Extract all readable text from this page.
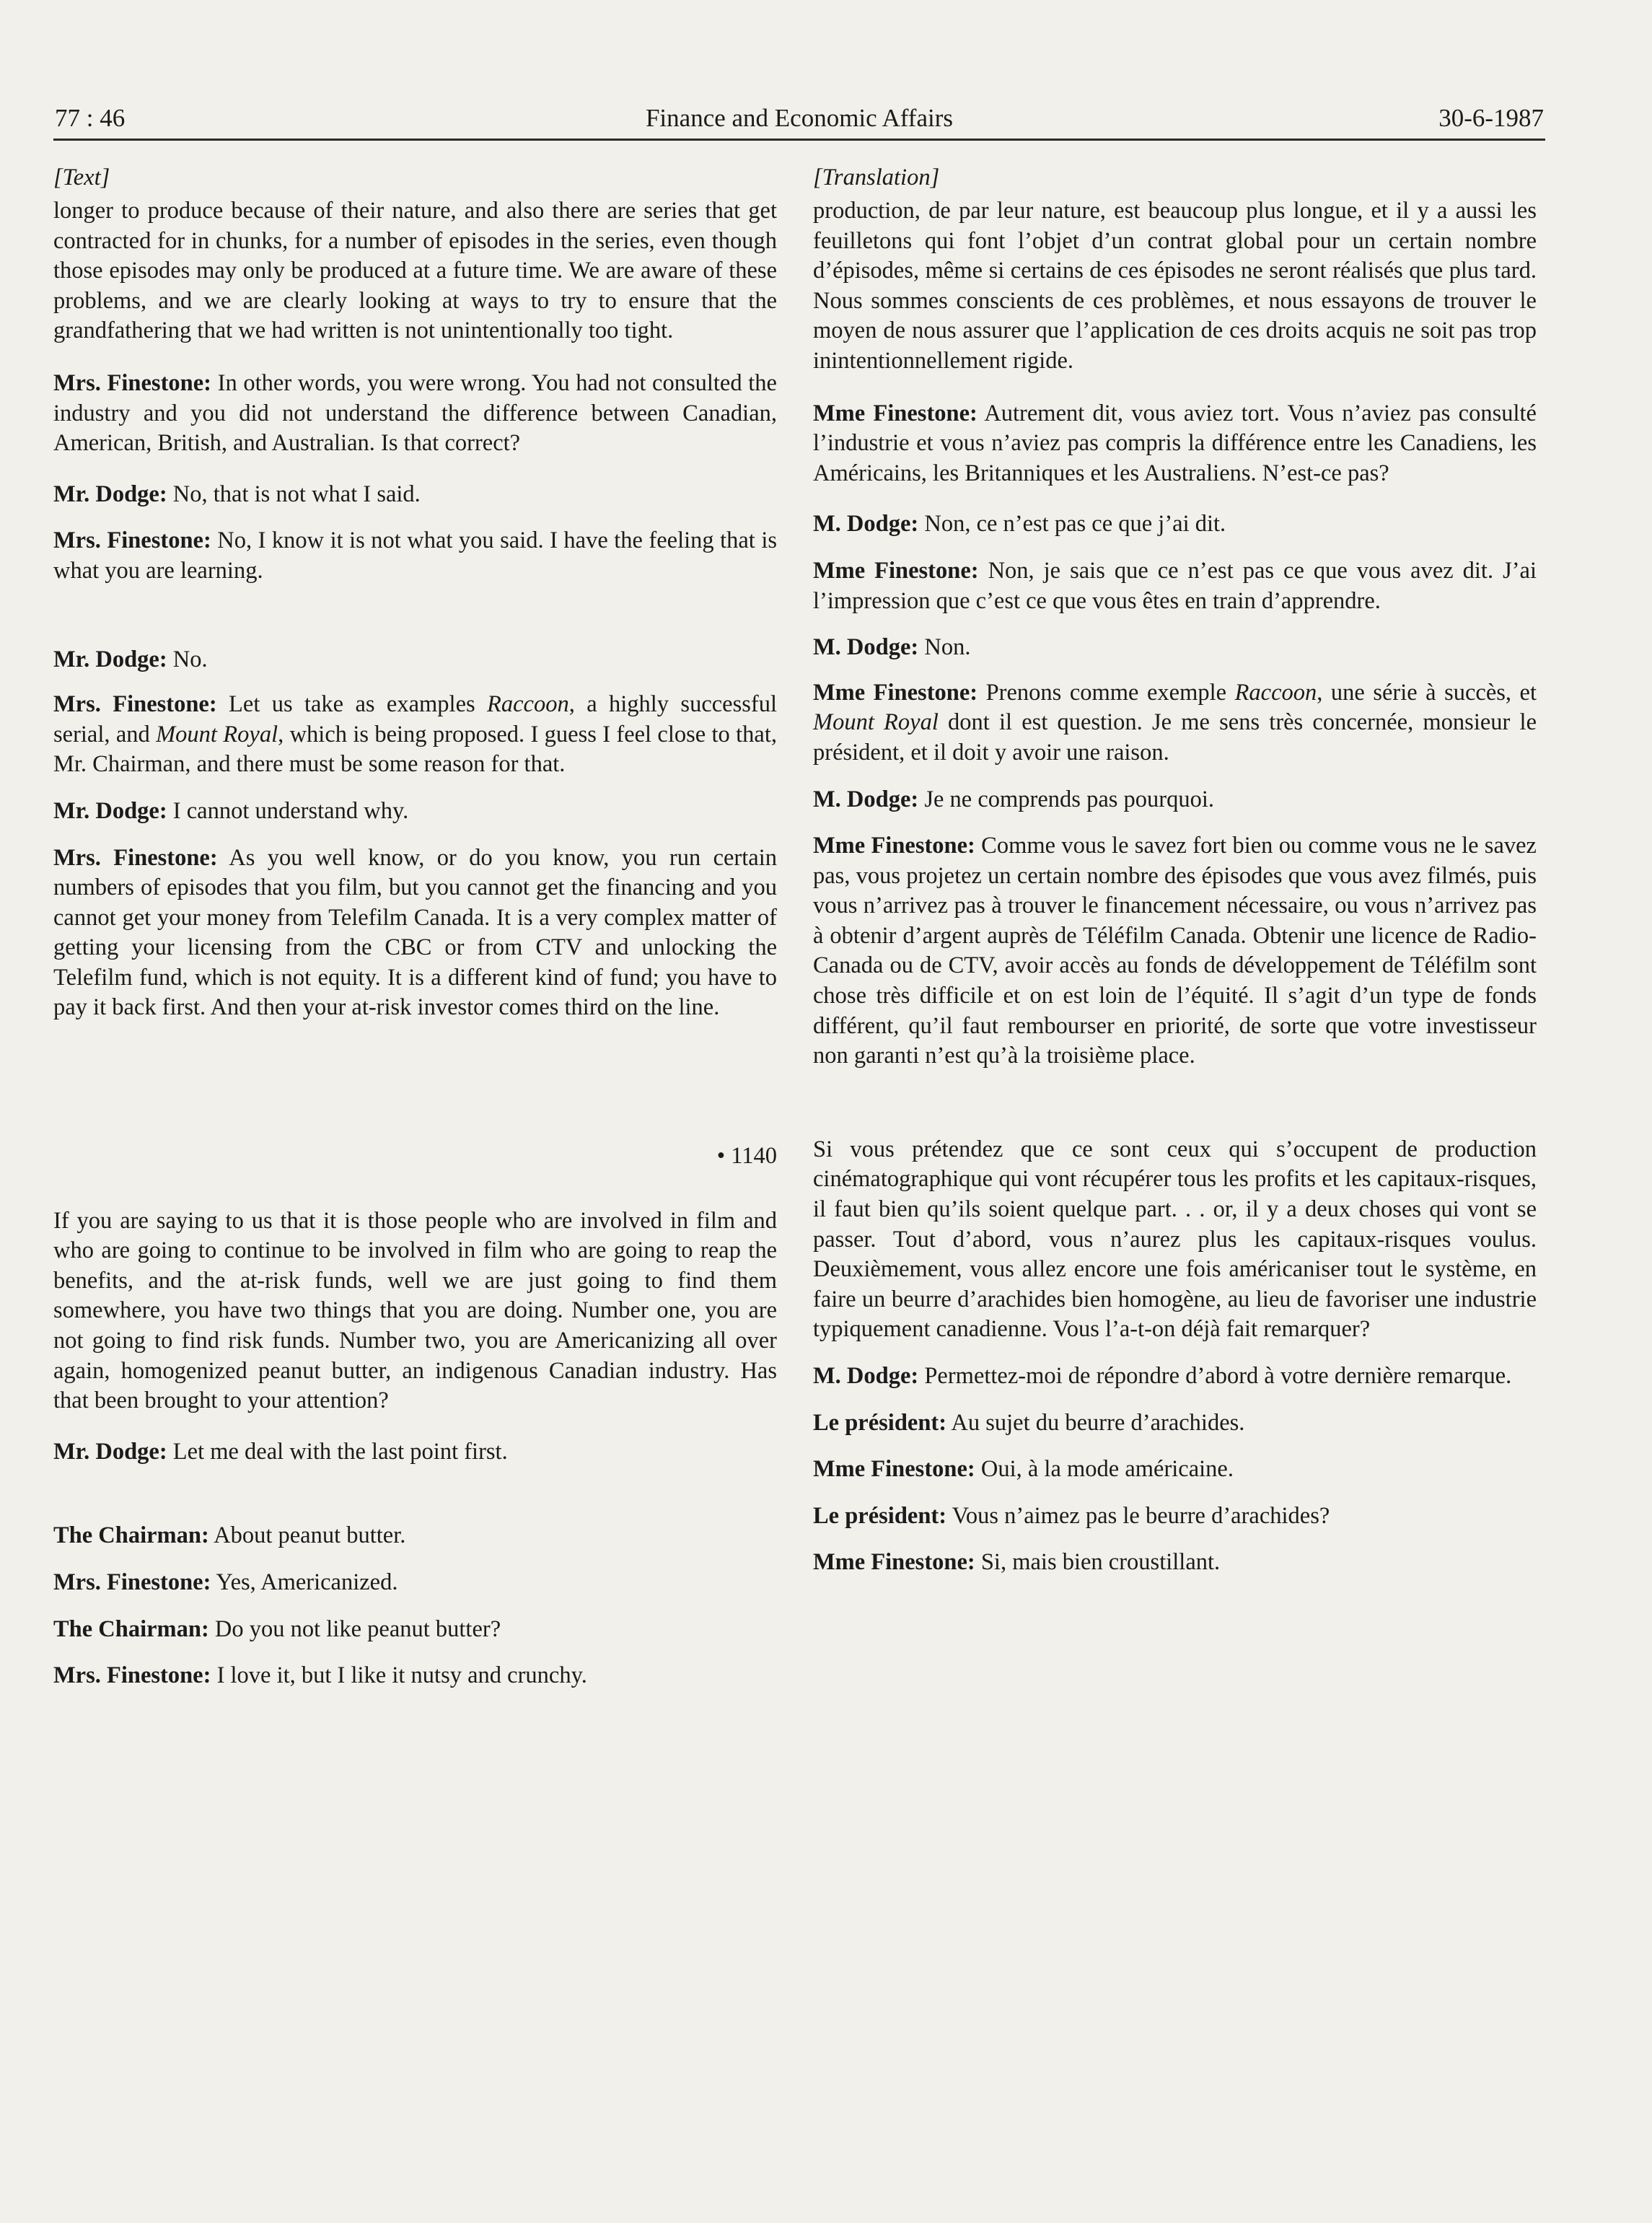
77 : 46	Finance and Economic Affairs	30-6-1987
[Text]

longer to produce because of their nature, and also there are series that get contracted for in chunks, for a number of episodes in the series, even though those episodes may only be produced at a future time. We are aware of these problems, and we are clearly looking at ways to try to ensure that the grandfathering that we had written is not unintentionally too tight.

Mrs. Finestone: In other words, you were wrong. You had not consulted the industry and you did not understand the difference between Canadian, American, British, and Australian. Is that correct?

Mr. Dodge: No, that is not what I said.

Mrs. Finestone: No, I know it is not what you said. I have the feeling that is what you are learning.

Mr. Dodge: No.

Mrs. Finestone: Let us take as examples Raccoon, a highly successful serial, and Mount Royal, which is being proposed. I guess I feel close to that, Mr. Chairman, and there must be some reason for that.

Mr. Dodge: I cannot understand why.

Mrs. Finestone: As you well know, or do you know, you run certain numbers of episodes that you film, but you cannot get the financing and you cannot get your money from Telefilm Canada. It is a very complex matter of getting your licensing from the CBC or from CTV and unlocking the Telefilm fund, which is not equity. It is a different kind of fund; you have to pay it back first. And then your at-risk investor comes third on the line.

• 1140

If you are saying to us that it is those people who are involved in film and who are going to continue to be involved in film who are going to reap the benefits, and the at-risk funds, well we are just going to find them somewhere, you have two things that you are doing. Number one, you are not going to find risk funds. Number two, you are Americanizing all over again, homogenized peanut butter, an indigenous Canadian industry. Has that been brought to your attention?

Mr. Dodge: Let me deal with the last point first.

The Chairman: About peanut butter.

Mrs. Finestone: Yes, Americanized.

The Chairman: Do you not like peanut butter?

Mrs. Finestone: I love it, but I like it nutsy and crunchy.

[Translation]

production, de par leur nature, est beaucoup plus longue, et il y a aussi les feuilletons qui font l’objet d’un contrat global pour un certain nombre d’épisodes, même si certains de ces épisodes ne seront réalisés que plus tard. Nous sommes conscients de ces problèmes, et nous essayons de trouver le moyen de nous assurer que l’application de ces droits acquis ne soit pas trop inintentionnellement rigide.

Mme Finestone: Autrement dit, vous aviez tort. Vous n’aviez pas consulté l’industrie et vous n’aviez pas compris la différence entre les Canadiens, les Américains, les Britanniques et les Australiens. N’est-ce pas?

M. Dodge: Non, ce n’est pas ce que j’ai dit.

Mme Finestone: Non, je sais que ce n’est pas ce que vous avez dit. J’ai l’impression que c’est ce que vous êtes en train d’apprendre.

M. Dodge: Non.

Mme Finestone: Prenons comme exemple Raccoon, une série à succès, et Mount Royal dont il est question. Je me sens très concernée, monsieur le président, et il doit y avoir une raison.

M. Dodge: Je ne comprends pas pourquoi.

Mme Finestone: Comme vous le savez fort bien ou comme vous ne le savez pas, vous projetez un certain nombre des épisodes que vous avez filmés, puis vous n’arrivez pas à trouver le financement nécessaire, ou vous n’arrivez pas à obtenir d’argent auprès de Téléfilm Canada. Obtenir une licence de Radio-Canada ou de CTV, avoir accès au fonds de développement de Téléfilm sont chose très difficile et on est loin de l’équité. Il s’agit d’un type de fonds différent, qu’il faut rembourser en priorité, de sorte que votre investisseur non garanti n’est qu’à la troisième place.

Si vous prétendez que ce sont ceux qui s’occupent de production cinématographique qui vont récupérer tous les profits et les capitaux-risques, il faut bien qu’ils soient quelque part. . . or, il y a deux choses qui vont se passer. Tout d’abord, vous n’aurez plus les capitaux-risques voulus. Deuxièmement, vous allez encore une fois américaniser tout le système, en faire un beurre d’arachides bien homogène, au lieu de favoriser une industrie typiquement canadienne. Vous l’a-t-on déjà fait remarquer?

M. Dodge: Permettez-moi de répondre d’abord à votre dernière remarque.

Le président: Au sujet du beurre d’arachides.

Mme Finestone: Oui, à la mode américaine.

Le président: Vous n’aimez pas le beurre d’arachides?

Mme Finestone: Si, mais bien croustillant.
